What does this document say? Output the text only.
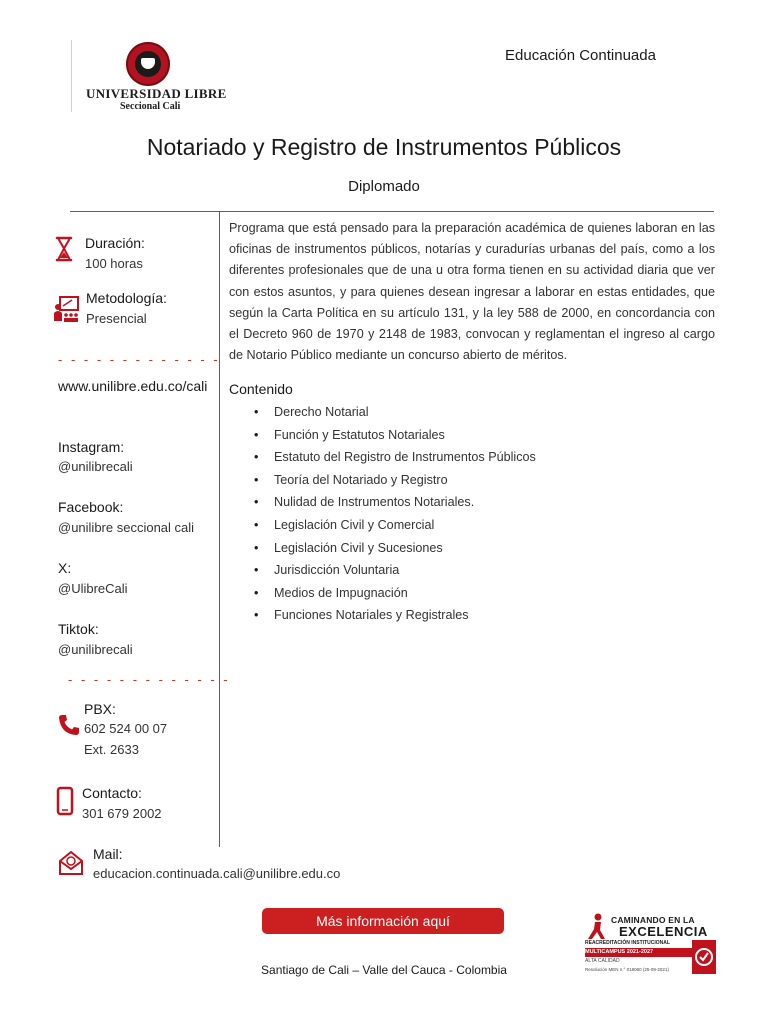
UNIVERSIDAD LIBRE
Seccional Cali
Educación Continuada
Notariado y Registro de Instrumentos Públicos
Diplomado
Duración:
100 horas
Metodología:
Presencial
- - - - - - - - - - - - -
www.unilibre.edu.co/cali
Instagram:
@unilibrecali
Facebook:
@unilibre seccional cali
X:
@UlibreCali
Tiktok:
@unilibrecali
- - - - - - - - - - - - -
PBX:
602 524 00 07
Ext. 2633
Contacto:
301 679 2002
Mail:
educacion.continuada.cali@unilibre.edu.co
Programa que está pensado para la preparación académica de quienes laboran en las oficinas de instrumentos públicos, notarías y curadurías urbanas del país, como a los diferentes profesionales que de una u otra forma tienen en su actividad diaria que ver con estos asuntos, y para quienes desean ingresar a laborar en estas entidades, que según la Carta Política en su artículo 131, y la ley 588 de 2000, en concordancia con el Decreto 960 de 1970 y 2148 de 1983, convocan y reglamentan el ingreso al cargo de Notario Público mediante un concurso abierto de méritos.
Contenido
• Derecho Notarial
• Función y Estatutos Notariales
• Estatuto del Registro de Instrumentos Públicos
• Teoría del Notariado y Registro
• Nulidad de Instrumentos Notariales.
• Legislación Civil y Comercial
• Legislación Civil y Sucesiones
• Jurisdicción Voluntaria
• Medios de Impugnación
• Funciones Notariales y Registrales
Más información aquí
Santiago de Cali – Valle del Cauca - Colombia
CAMINANDO EN LA
EXCELENCIA
REACREDITACIÓN INSTITUCIONAL
MULTICAMPUS 2021-2027
ALTA CALIDAD
Resolución MEN n.° 018060 (25-09-2021)
